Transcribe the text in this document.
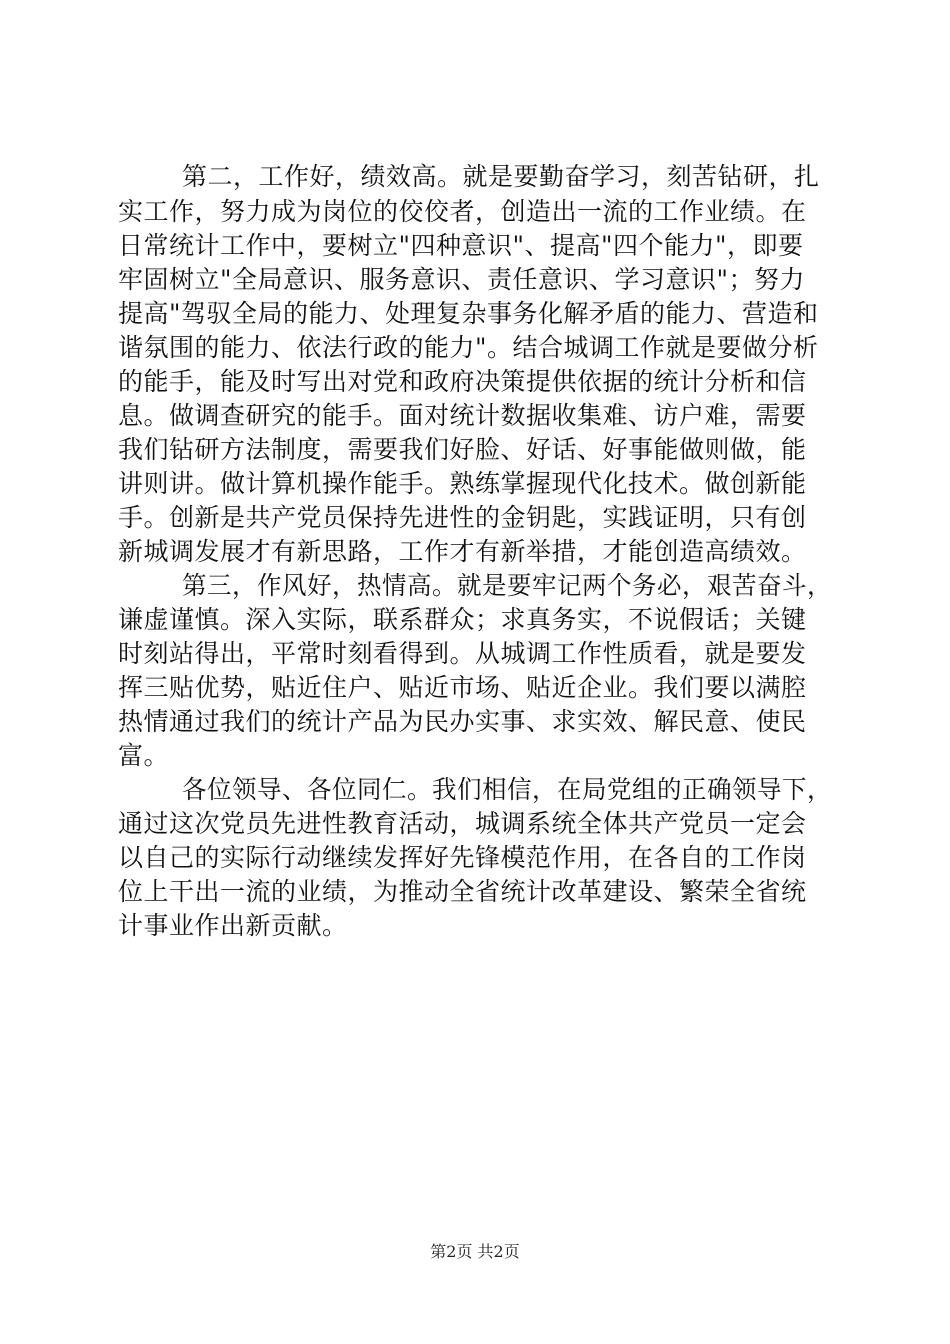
第二，工作好，绩效高。就是要勤奋学习，刻苦钻研，扎
实工作，努力成为岗位的佼佼者，创造出一流的工作业绩。在
日常统计工作中，要树立"四种意识"、提高"四个能力"，即要
牢固树立"全局意识、服务意识、责任意识、学习意识"；努力
提高"驾驭全局的能力、处理复杂事务化解矛盾的能力、营造和
谐氛围的能力、依法行政的能力"。结合城调工作就是要做分析
的能手，能及时写出对党和政府决策提供依据的统计分析和信
息。做调查研究的能手。面对统计数据收集难、访户难，需要
我们钻研方法制度，需要我们好脸、好话、好事能做则做，能
讲则讲。做计算机操作能手。熟练掌握现代化技术。做创新能
手。创新是共产党员保持先进性的金钥匙，实践证明，只有创
新城调发展才有新思路，工作才有新举措，才能创造高绩效。
第三，作风好，热情高。就是要牢记两个务必，艰苦奋斗，
谦虚谨慎。深入实际，联系群众；求真务实，不说假话；关键
时刻站得出，平常时刻看得到。从城调工作性质看，就是要发
挥三贴优势，贴近住户、贴近市场、贴近企业。我们要以满腔
热情通过我们的统计产品为民办实事、求实效、解民意、使民
富。
各位领导、各位同仁。我们相信，在局党组的正确领导下，
通过这次党员先进性教育活动，城调系统全体共产党员一定会
以自己的实际行动继续发挥好先锋模范作用，在各自的工作岗
位上干出一流的业绩，为推动全省统计改革建设、繁荣全省统
计事业作出新贡献。
第2页 共2页
